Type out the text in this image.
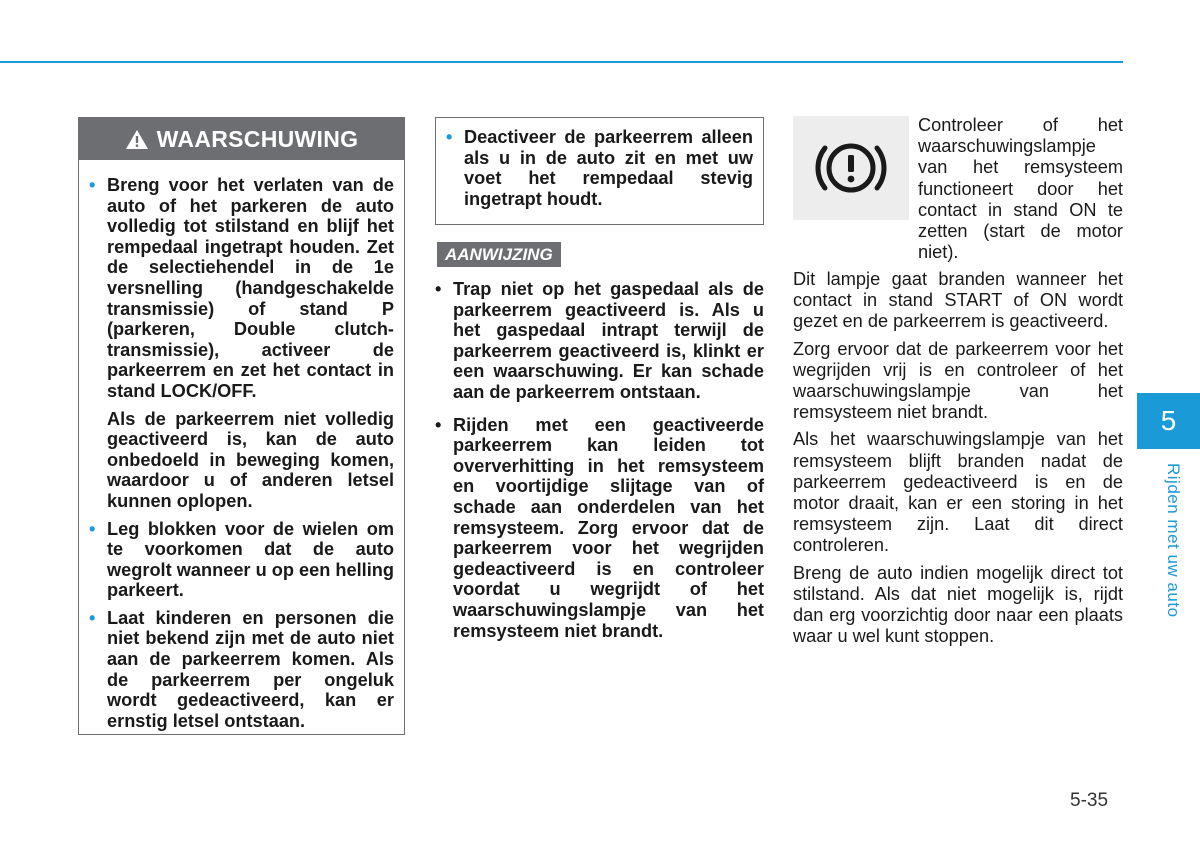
WAARSCHUWING
• Breng voor het verlaten van de auto of het parkeren de auto volledig tot stilstand en blijf het rempedaal ingetrapt houden. Zet de selectiehendel in de 1e versnelling (handgeschakelde transmissie) of stand P (parkeren, Double clutch-transmissie), activeer de parkeerrem en zet het contact in stand LOCK/OFF.

Als de parkeerrem niet volledig geactiveerd is, kan de auto onbedoeld in beweging komen, waardoor u of anderen letsel kunnen oplopen.

• Leg blokken voor de wielen om te voorkomen dat de auto wegrolt wanneer u op een helling parkeert.

• Laat kinderen en personen die niet bekend zijn met de auto niet aan de parkeerrem komen. Als de parkeerrem per ongeluk wordt gedeactiveerd, kan er ernstig letsel ontstaan.

• Deactiveer de parkeerrem alleen als u in de auto zit en met uw voet het rempedaal stevig ingetrapt houdt.
AANWIJZING
• Trap niet op het gaspedaal als de parkeerrem geactiveerd is. Als u het gaspedaal intrapt terwijl de parkeerrem geactiveerd is, klinkt er een waarschuwing. Er kan schade aan de parkeerrem ontstaan.
• Rijden met een geactiveerde parkeerrem kan leiden tot oververhitting in het remsysteem en voortijdige slijtage van of schade aan onderdelen van het remsysteem. Zorg ervoor dat de parkeerrem voor het wegrijden gedeactiveerd is en controleer voordat u wegrijdt of het waarschuwingslampje van het remsysteem niet brandt.
Controleer of het waarschuwingslampje van het remsysteem functioneert door het contact in stand ON te zetten (start de motor niet).

Dit lampje gaat branden wanneer het contact in stand START of ON wordt gezet en de parkeerrem is geactiveerd.

Zorg ervoor dat de parkeerrem voor het wegrijden vrij is en controleer of het waarschuwingslampje van het remsysteem niet brandt.

Als het waarschuwingslampje van het remsysteem blijft branden nadat de parkeerrem gedeactiveerd is en de motor draait, kan er een storing in het remsysteem zijn. Laat dit direct controleren.

Breng de auto indien mogelijk direct tot stilstand. Als dat niet mogelijk is, rijdt dan erg voorzichtig door naar een plaats waar u wel kunt stoppen.

5
Rijden met uw auto
5-35
